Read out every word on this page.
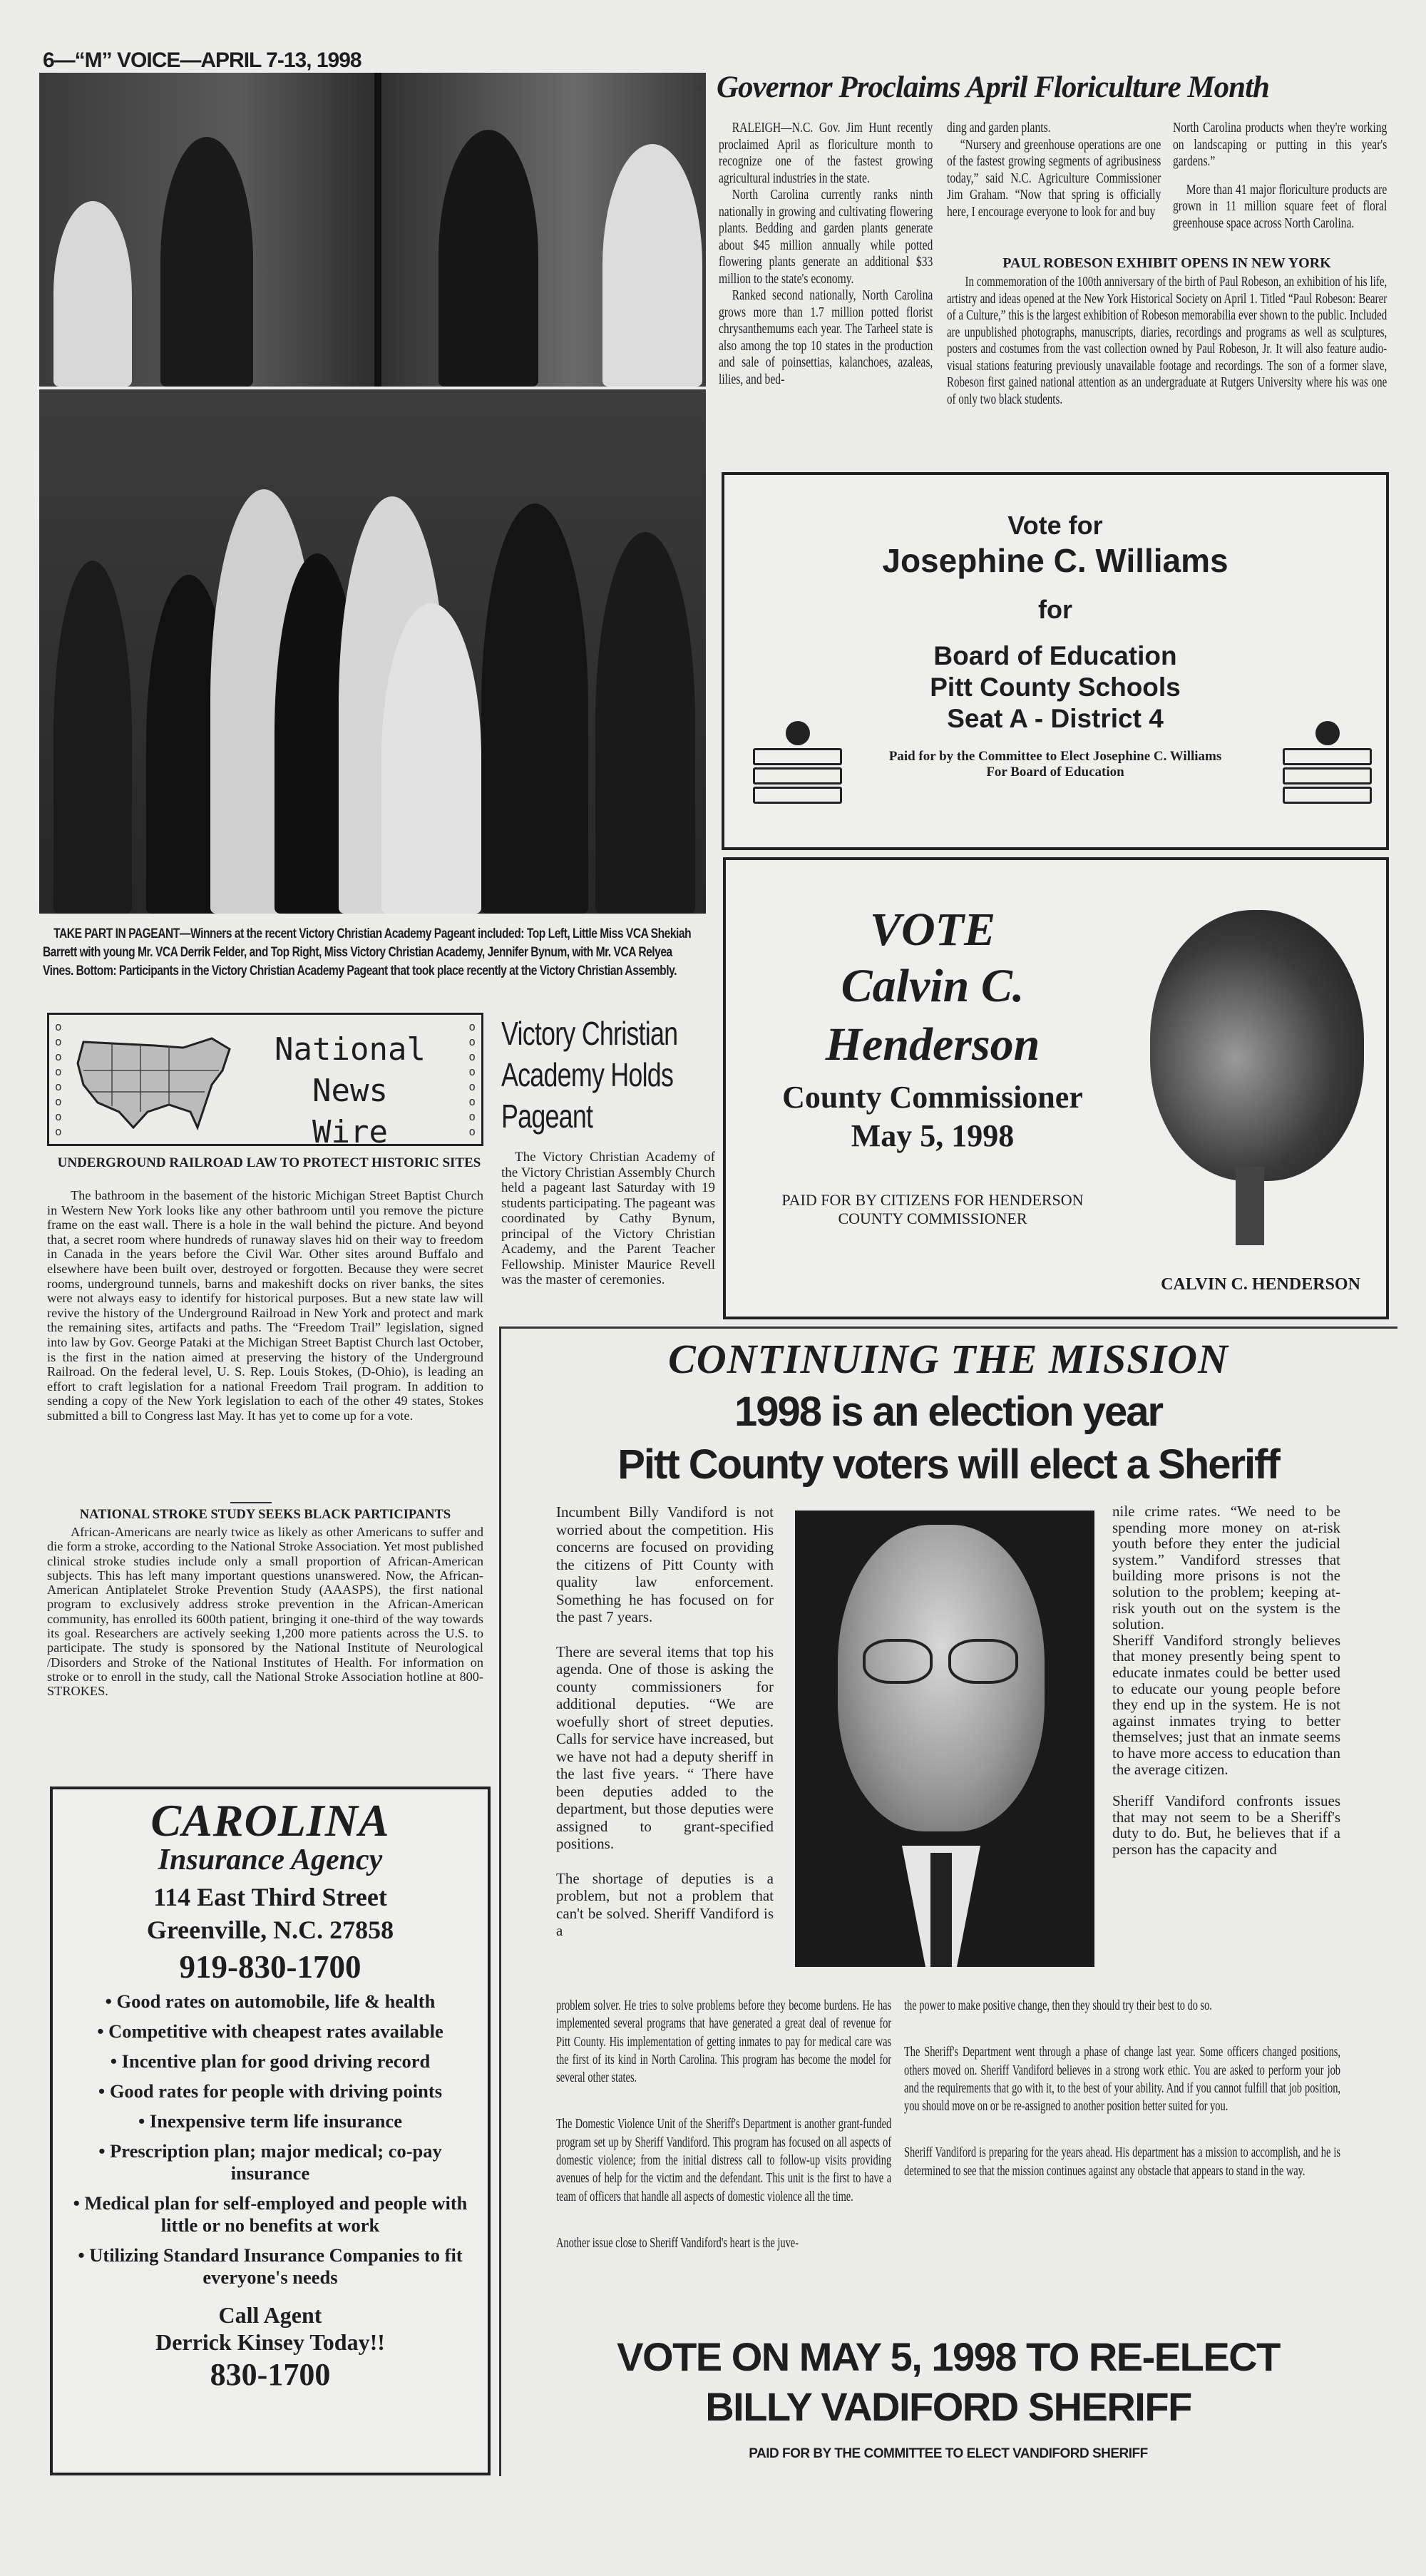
6—“M” VOICE—APRIL 7-13, 1998
 TAKE PART IN PAGEANT—Winners at the recent Victory Christian Academy Pageant included: Top Left, Little Miss VCA Shekiah Barrett with young Mr. VCA Derrik Felder, and Top Right, Miss Victory Christian Academy, Jennifer Bynum, with Mr. VCA Relyea Vines. Bottom: Participants in the Victory Christian Academy Pageant that took place recently at the Victory Christian Assembly.
Governor Proclaims April Floriculture Month

RALEIGH—N.C. Gov. Jim Hunt recently proclaimed April as floriculture month to recognize one of the fastest growing agricultural industries in the state.

North Carolina currently ranks ninth nationally in growing and cultivating flowering plants. Bedding and garden plants generate about $45 million annually while potted flowering plants generate an additional $33 million to the state's economy.

Ranked second nationally, North Carolina grows more than 1.7 million potted florist chrysanthemums each year. The Tarheel state is also among the top 10 states in the production and sale of poinsettias, kalanchoes, azaleas, lilies, and bed-

ding and garden plants.

“Nursery and greenhouse operations are one of the fastest growing segments of agribusiness today,” said N.C. Agriculture Commissioner Jim Graham. “Now that spring is officially here, I encourage everyone to look for and buy

North Carolina products when they're working on landscaping or putting in this year's gardens.”

More than 41 major floriculture products are grown in 11 million square feet of floral greenhouse space across North Carolina.

PAUL ROBESON EXHIBIT OPENS IN NEW YORK
In commemoration of the 100th anniversary of the birth of Paul Robeson, an exhibition of his life, artistry and ideas opened at the New York Historical Society on April 1. Titled “Paul Robeson: Bearer of a Culture,” this is the largest exhibition of Robeson memorabilia ever shown to the public. Included are unpublished photographs, manuscripts, diaries, recordings and programs as well as sculptures, posters and costumes from the vast collection owned by Paul Robeson, Jr. It will also feature audio-visual stations featuring previously unavailable footage and recordings. The son of a former slave, Robeson first gained national attention as an undergraduate at Rutgers University where his was one of only two black students.
Vote for
Josephine C. Williams
for
Board of Education
Pitt County Schools
Seat A - District 4
Paid for by the Committee to Elect Josephine C. Williams
For Board of Education
VOTE
Calvin C.
Henderson
County Commissioner
May 5, 1998
PAID FOR BY CITIZENS FOR HENDERSON
COUNTY COMMISSIONER
CALVIN C. HENDERSON
o
o
o
o
o
o
o
o
o
o
o
o
o
o
o
o
National News
Wire
Victory Christian Academy Holds Pageant
The Victory Christian Academy of the Victory Christian Assembly Church held a pageant last Saturday with 19 students participating. The pageant was coordinated by Cathy Bynum, principal of the Victory Christian Academy, and the Parent Teacher Fellowship. Minister Maurice Revell was the master of ceremonies.
UNDERGROUND RAILROAD LAW TO PROTECT HISTORIC SITES
The bathroom in the basement of the historic Michigan Street Baptist Church in Western New York looks like any other bathroom until you remove the picture frame on the east wall. There is a hole in the wall behind the picture. And beyond that, a secret room where hundreds of runaway slaves hid on their way to freedom in Canada in the years before the Civil War. Other sites around Buffalo and elsewhere have been built over, destroyed or forgotten. Because they were secret rooms, underground tunnels, barns and makeshift docks on river banks, the sites were not always easy to identify for historical purposes. But a new state law will revive the history of the Underground Railroad in New York and protect and mark the remaining sites, artifacts and paths. The “Freedom Trail” legislation, signed into law by Gov. George Pataki at the Michigan Street Baptist Church last October, is the first in the nation aimed at preserving the history of the Underground Railroad. On the federal level, U. S. Rep. Louis Stokes, (D-Ohio), is leading an effort to craft legislation for a national Freedom Trail program. In addition to sending a copy of the New York legislation to each of the other 49 states, Stokes submitted a bill to Congress last May. It has yet to come up for a vote.
NATIONAL STROKE STUDY SEEKS BLACK PARTICIPANTS
African-Americans are nearly twice as likely as other Americans to suffer and die form a stroke, according to the National Stroke Association. Yet most published clinical stroke studies include only a small proportion of African-American subjects. This has left many important questions unanswered. Now, the African-American Antiplatelet Stroke Prevention Study (AAASPS), the first national program to exclusively address stroke prevention in the African-American community, has enrolled its 600th patient, bringing it one-third of the way towards its goal. Researchers are actively seeking 1,200 more patients across the U.S. to participate. The study is sponsored by the National Institute of Neurological /Disorders and Stroke of the National Institutes of Health. For information on stroke or to enroll in the study, call the National Stroke Association hotline at 800-STROKES.
CAROLINA
Insurance Agency
114 East Third Street
Greenville, N.C. 27858
919-830-1700
• Good rates on automobile, life & health
• Competitive with cheapest rates available
• Incentive plan for good driving record
• Good rates for people with driving points
• Inexpensive term life insurance
• Prescription plan; major medical; co-pay insurance
• Medical plan for self-employed and people with little or no benefits at work
• Utilizing Standard Insurance Companies to fit everyone's needs
Call Agent
Derrick Kinsey Today!!
830-1700
CONTINUING THE MISSION
1998 is an election year
Pitt County voters will elect a Sheriff

Incumbent Billy Vandiford is not worried about the competition. His concerns are focused on providing the citizens of Pitt County with quality law enforcement. Something he has focused on for the past 7 years.

There are several items that top his agenda. One of those is asking the county commissioners for additional deputies. “We are woefully short of street deputies. Calls for service have increased, but we have not had a deputy sheriff in the last five years. “ There have been deputies added to the department, but those deputies were assigned to grant-specified positions.

The shortage of deputies is a problem, but not a problem that can't be solved. Sheriff Vandiford is a

nile crime rates. “We need to be spending more money on at-risk youth before they enter the judicial system.” Vandiford stresses that building more prisons is not the solution to the problem; keeping at-risk youth out on the system is the solution.

Sheriff Vandiford strongly believes that money presently being spent to educate inmates could be better used to educate our young people before they end up in the system. He is not against inmates trying to better themselves; just that an inmate seems to have more access to education than the average citizen.

Sheriff Vandiford confronts issues that may not seem to be a Sheriff's duty to do. But, he believes that if a person has the capacity and

problem solver. He tries to solve problems before they become burdens. He has implemented several programs that have generated a great deal of revenue for Pitt County. His implementation of getting inmates to pay for medical care was the first of its kind in North Carolina. This program has become the model for several other states.

The Domestic Violence Unit of the Sheriff's Department is another grant-funded program set up by Sheriff Vandiford. This program has focused on all aspects of domestic violence; from the initial distress call to follow-up visits providing avenues of help for the victim and the defendant. This unit is the first to have a team of officers that handle all aspects of domestic violence all the time.

Another issue close to Sheriff Vandiford's heart is the juve-

the power to make positive change, then they should try their best to do so.

The Sheriff's Department went through a phase of change last year. Some officers changed positions, others moved on. Sheriff Vandiford believes in a strong work ethic. You are asked to perform your job and the requirements that go with it, to the best of your ability. And if you cannot fulfill that job position, you should move on or be re-assigned to another position better suited for you.

Sheriff Vandiford is preparing for the years ahead. His department has a mission to accomplish, and he is determined to see that the mission continues against any obstacle that appears to stand in the way.

VOTE ON MAY 5, 1998 TO RE-ELECT
BILLY VADIFORD SHERIFF
PAID FOR BY THE COMMITTEE TO ELECT VANDIFORD SHERIFF
